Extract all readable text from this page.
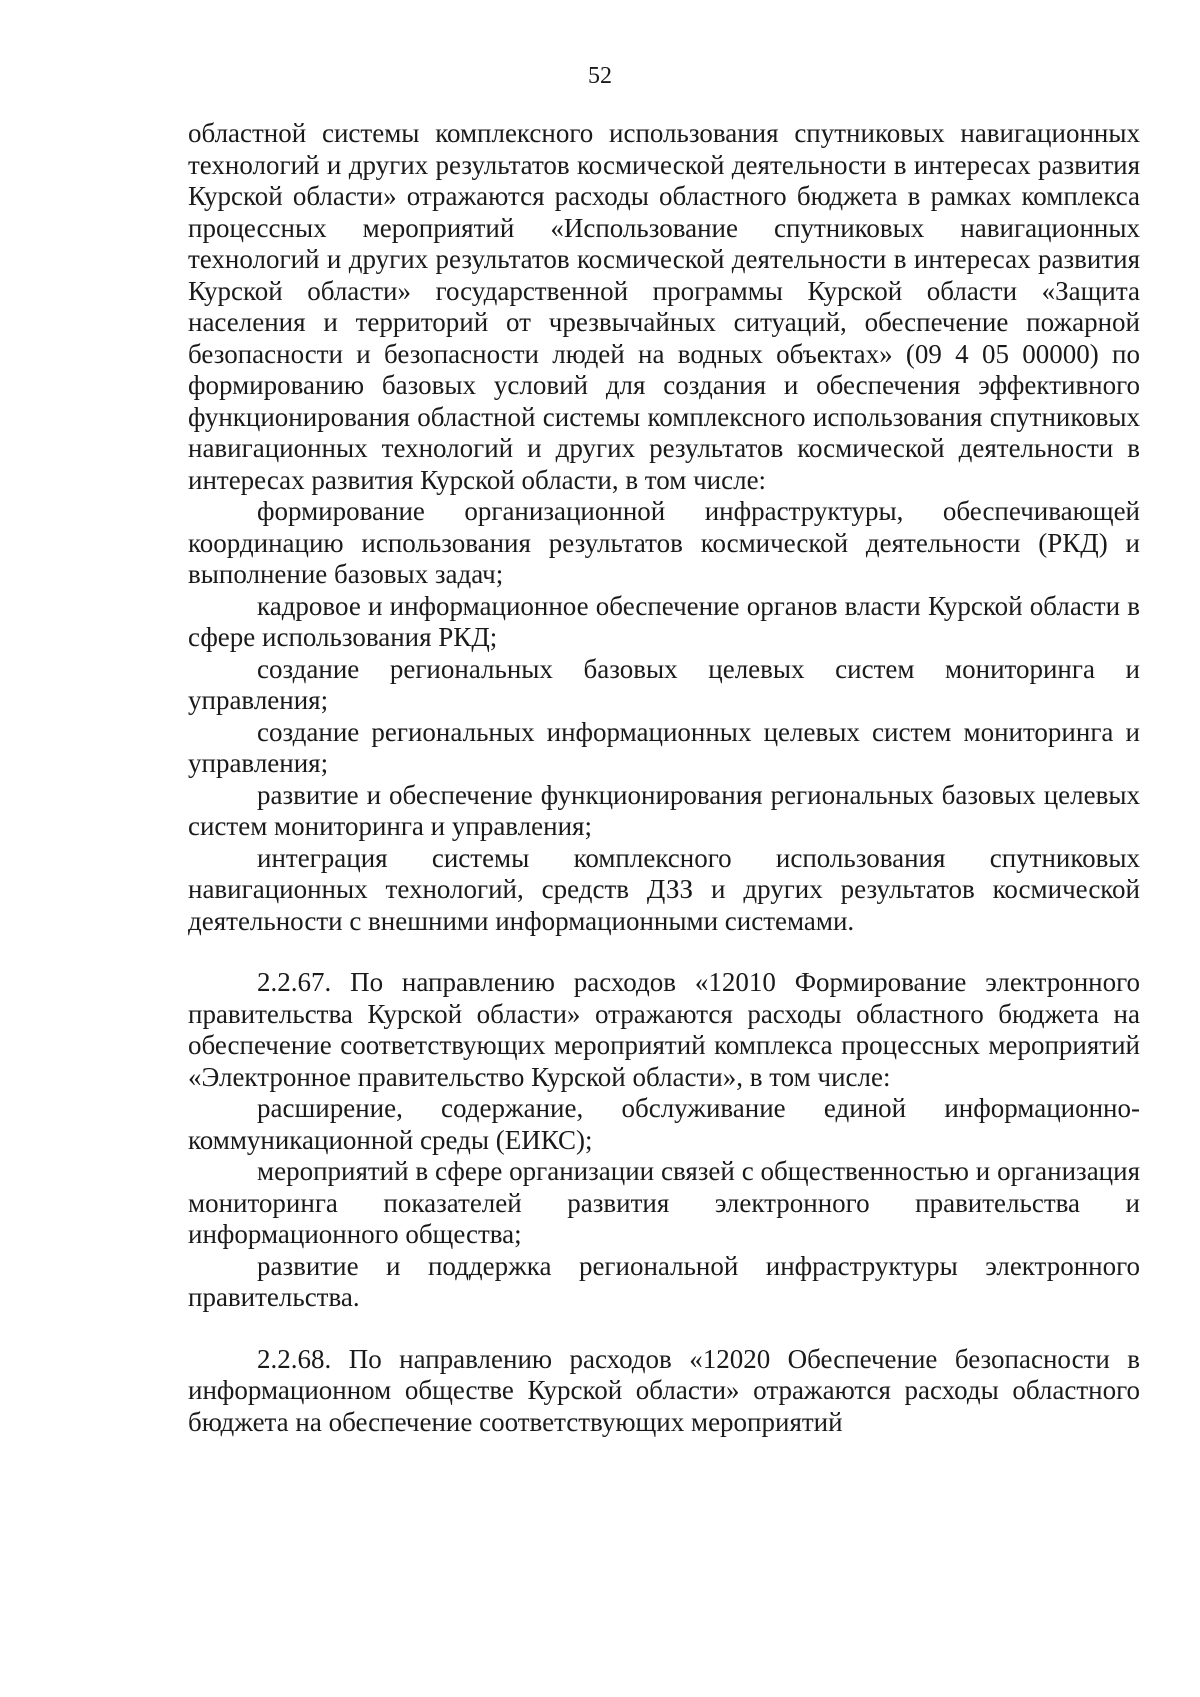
52

областной системы комплексного использования спутниковых навигационных технологий и других результатов космической деятельности в интересах развития Курской области» отражаются расходы областного бюджета в рамках комплекса процессных мероприятий «Использование спутниковых навигационных технологий и других результатов космической деятельности в интересах развития Курской области» государственной программы Курской области «Защита населения и территорий от чрезвычайных ситуаций, обеспечение пожарной безопасности и безопасности людей на водных объектах» (09 4 05 00000) по формированию базовых условий для создания и обеспечения эффективного функционирования областной системы комплексного использования спутниковых навигационных технологий и других результатов космической деятельности в интересах развития Курской области, в том числе:

формирование организационной инфраструктуры, обеспечивающей координацию использования результатов космической деятельности (РКД) и выполнение базовых задач;

кадровое и информационное обеспечение органов власти Курской области в сфере использования РКД;

создание региональных базовых целевых систем мониторинга и управления;

создание региональных информационных целевых систем мониторинга и управления;

развитие и обеспечение функционирования региональных базовых целевых систем мониторинга и управления;

интеграция системы комплексного использования спутниковых навигационных технологий, средств ДЗЗ и других результатов космической деятельности с внешними информационными системами.

2.2.67. По направлению расходов «12010 Формирование электронного правительства Курской области» отражаются расходы областного бюджета на обеспечение соответствующих мероприятий комплекса процессных мероприятий «Электронное правительство Курской области», в том числе:

расширение, содержание, обслуживание единой информационно-коммуникационной среды (ЕИКС);

мероприятий в сфере организации связей с общественностью и организация мониторинга показателей развития электронного правительства и информационного общества;

развитие и поддержка региональной инфраструктуры электронного правительства.

2.2.68. По направлению расходов «12020 Обеспечение безопасности в информационном обществе Курской области» отражаются расходы областного бюджета на обеспечение соответствующих мероприятий
